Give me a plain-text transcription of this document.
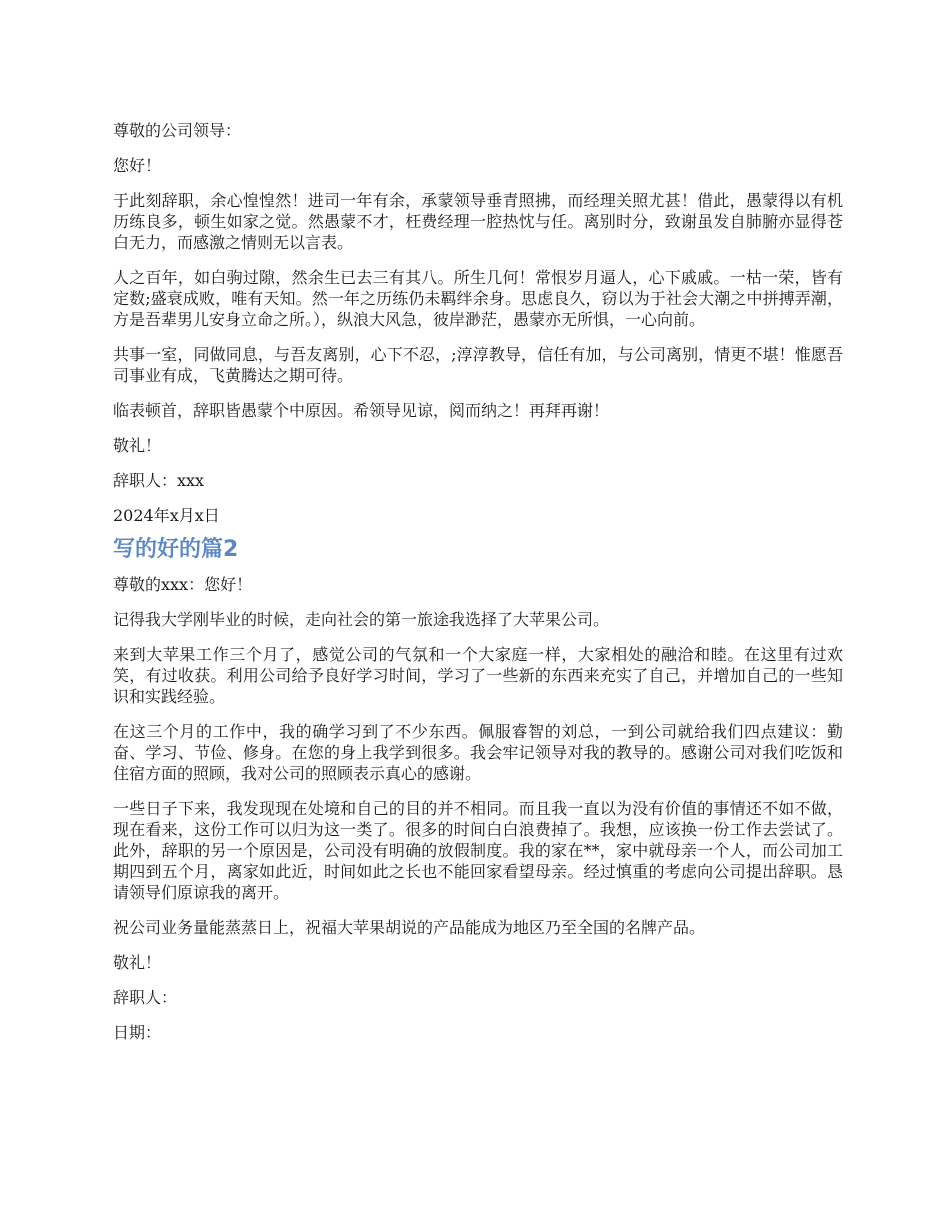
尊敬的公司领导：

您好！

于此刻辞职，余心惶惶然！进司一年有余，承蒙领导垂青照拂，而经理关照尤甚！借此，愚蒙得以有机历练良多，顿生如家之觉。然愚蒙不才，枉费经理一腔热忱与任。离别时分，致谢虽发自肺腑亦显得苍白无力，而感激之情则无以言表。

人之百年，如白驹过隙，然余生已去三有其八。所生几何！常恨岁月逼人，心下戚戚。一枯一荣，皆有定数;盛衰成败，唯有天知。然一年之历练仍未羁绊余身。思虑良久，窃以为于社会大潮之中拼搏弄潮，方是吾辈男儿安身立命之所。），纵浪大风急，彼岸渺茫，愚蒙亦无所惧，一心向前。

共事一室，同做同息，与吾友离别，心下不忍，;淳淳教导，信任有加，与公司离别，情更不堪！惟愿吾司事业有成，飞黄腾达之期可待。

临表顿首，辞职皆愚蒙个中原因。希领导见谅，阅而纳之！再拜再谢！

敬礼！

辞职人：xxx

2024年x月x日

写的好的篇2

尊敬的xxx：您好！

记得我大学刚毕业的时候，走向社会的第一旅途我选择了大苹果公司。

来到大苹果工作三个月了，感觉公司的气氛和一个大家庭一样，大家相处的融洽和睦。在这里有过欢笑，有过收获。利用公司给予良好学习时间，学习了一些新的东西来充实了自己，并增加自己的一些知识和实践经验。

在这三个月的工作中，我的确学习到了不少东西。佩服睿智的刘总，一到公司就给我们四点建议：勤奋、学习、节俭、修身。在您的身上我学到很多。我会牢记领导对我的教导的。感谢公司对我们吃饭和住宿方面的照顾，我对公司的照顾表示真心的感谢。

一些日子下来，我发现现在处境和自己的目的并不相同。而且我一直以为没有价值的事情还不如不做，现在看来，这份工作可以归为这一类了。很多的时间白白浪费掉了。我想，应该换一份工作去尝试了。此外，辞职的另一个原因是，公司没有明确的放假制度。我的家在**，家中就母亲一个人，而公司加工期四到五个月，离家如此近，时间如此之长也不能回家看望母亲。经过慎重的考虑向公司提出辞职。恳请领导们原谅我的离开。

祝公司业务量能蒸蒸日上，祝福大苹果胡说的产品能成为地区乃至全国的名牌产品。

敬礼！

辞职人：

日期：
